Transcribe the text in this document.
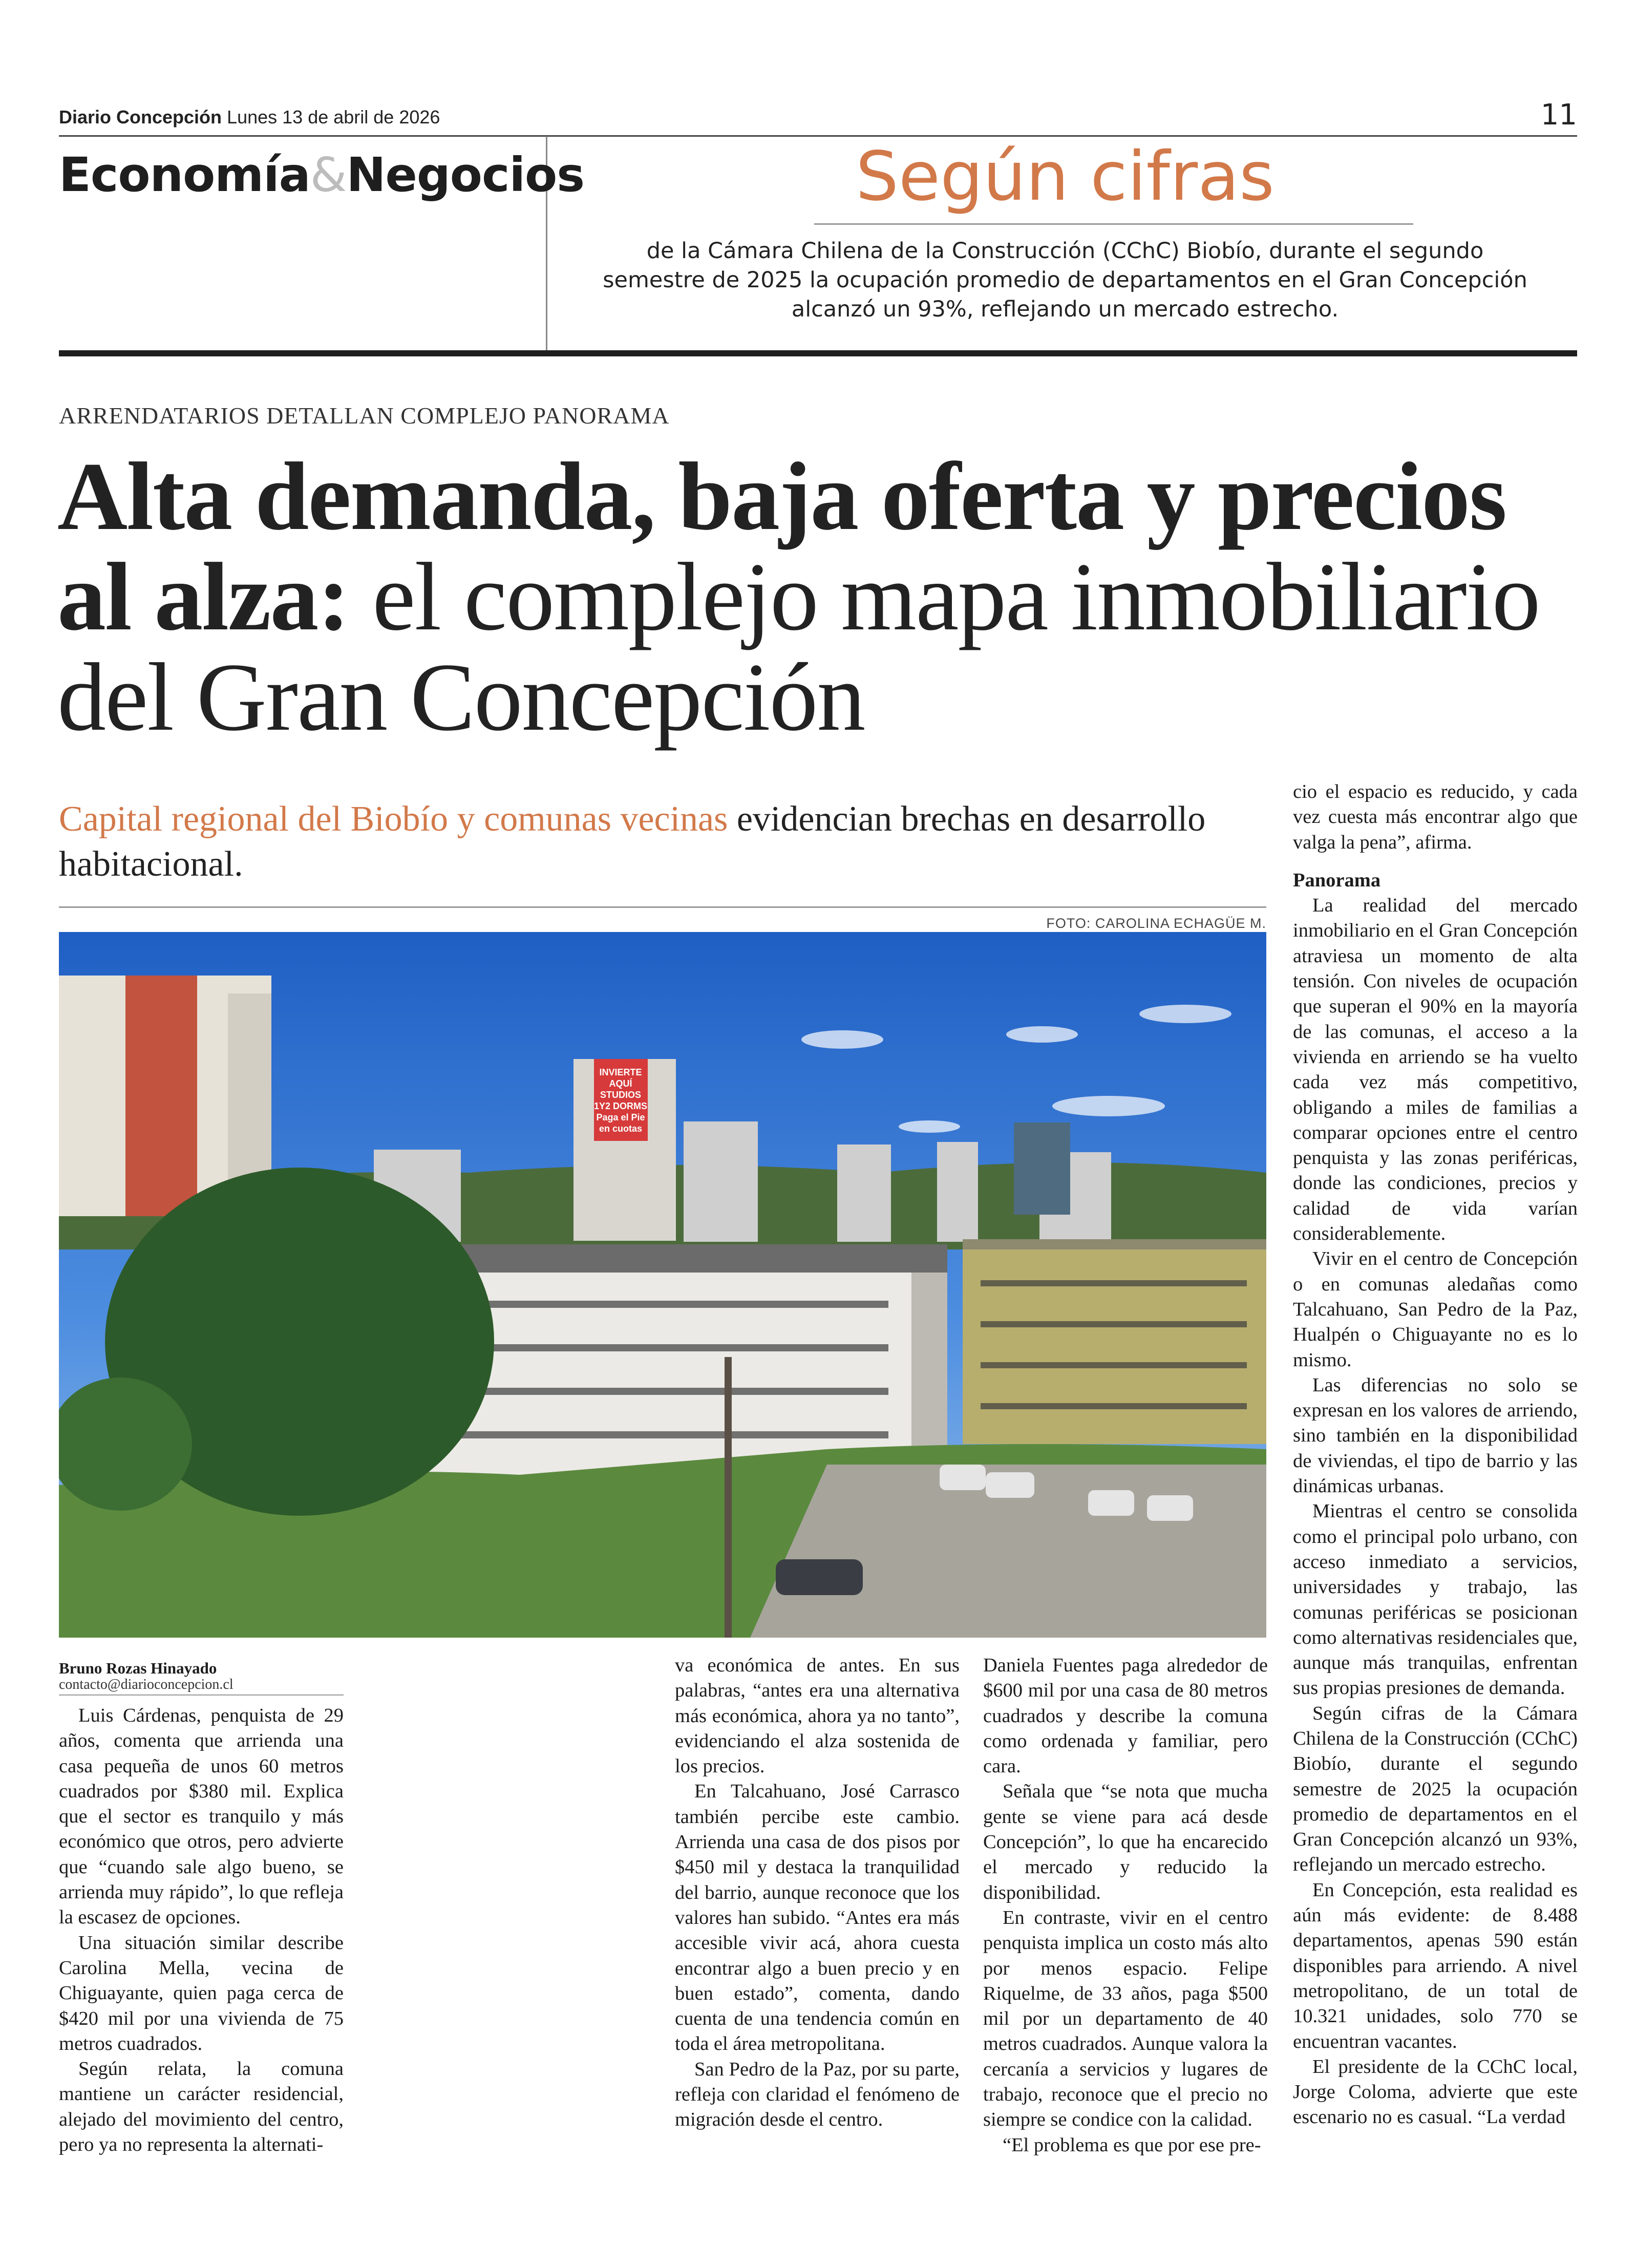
Diario Concepción Lunes 13 de abril de 2026	11
Economía&Negocios	Según cifras
de la Cámara Chilena de la Construcción (CChC) Biobío, durante el segundo
semestre de 2025 la ocupación promedio de departamentos en el Gran Concepción
alcanzó un 93%, reflejando un mercado estrecho.
ARRENDATARIOS DETALLAN COMPLEJO PANORAMA
Alta demanda, baja oferta y precios
al alza: el complejo mapa inmobiliario
del Gran Concepción
Capital regional del Biobío y comunas vecinas evidencian brechas en desarrollo habitacional.
FOTO: CAROLINA ECHAGÜE M.
INVIERTE
AQUÍ
STUDIOS
1Y2 DORMS
Paga el Pie
en cuotas
Bruno Rozas Hinayado
contacto@diarioconcepcion.cl

Luis Cárdenas, penquista de 29 años, comenta que arrienda una casa pequeña de unos 60 metros cuadrados por $380 mil. Explica que el sector es tranquilo y más económico que otros, pero advierte que “cuando sale algo bueno, se arrienda muy rápido”, lo que refleja la escasez de opciones.

Una situación similar describe Carolina Mella, vecina de Chiguayante, quien paga cerca de $420 mil por una vivienda de 75 metros cuadrados.

Según relata, la comuna mantiene un carácter residencial, alejado del movimiento del centro, pero ya no representa la alternati-

va económica de antes. En sus palabras, “antes era una alternativa más económica, ahora ya no tanto”, evidenciando el alza sostenida de los precios.

En Talcahuano, José Carrasco también percibe este cambio. Arrienda una casa de dos pisos por $450 mil y destaca la tranquilidad del barrio, aunque reconoce que los valores han subido. “Antes era más accesible vivir acá, ahora cuesta encontrar algo a buen precio y en buen estado”, comenta, dando cuenta de una tendencia común en toda el área metropolitana.

San Pedro de la Paz, por su parte, refleja con claridad el fenómeno de migración desde el centro.

Daniela Fuentes paga alrededor de $600 mil por una casa de 80 metros cuadrados y describe la comuna como ordenada y familiar, pero cara.

Señala que “se nota que mucha gente se viene para acá desde Concepción”, lo que ha encarecido el mercado y reducido la disponibilidad.

En contraste, vivir en el centro penquista implica un costo más alto por menos espacio. Felipe Riquelme, de 33 años, paga $500 mil por un departamento de 40 metros cuadrados. Aunque valora la cercanía a servicios y lugares de trabajo, reconoce que el precio no siempre se condice con la calidad.

“El problema es que por ese pre-

cio el espacio es reducido, y cada vez cuesta más encontrar algo que valga la pena”, afirma.

Panorama

La realidad del mercado inmobiliario en el Gran Concepción atraviesa un momento de alta tensión. Con niveles de ocupación que superan el 90% en la mayoría de las comunas, el acceso a la vivienda en arriendo se ha vuelto cada vez más competitivo, obligando a miles de familias a comparar opciones entre el centro penquista y las zonas periféricas, donde las condiciones, precios y calidad de vida varían considerablemente.

Vivir en el centro de Concepción o en comunas aledañas como Talcahuano, San Pedro de la Paz, Hualpén o Chiguayante no es lo mismo.

Las diferencias no solo se expresan en los valores de arriendo, sino también en la disponibilidad de viviendas, el tipo de barrio y las dinámicas urbanas.

Mientras el centro se consolida como el principal polo urbano, con acceso inmediato a servicios, universidades y trabajo, las comunas periféricas se posicionan como alternativas residenciales que, aunque más tranquilas, enfrentan sus propias presiones de demanda.

Según cifras de la Cámara Chilena de la Construcción (CChC) Biobío, durante el segundo semestre de 2025 la ocupación promedio de departamentos en el Gran Concepción alcanzó un 93%, reflejando un mercado estrecho.

En Concepción, esta realidad es aún más evidente: de 8.488 departamentos, apenas 590 están disponibles para arriendo. A nivel metropolitano, de un total de 10.321 unidades, solo 770 se encuentran vacantes.

El presidente de la CChC local, Jorge Coloma, advierte que este escenario no es casual. “La verdad
